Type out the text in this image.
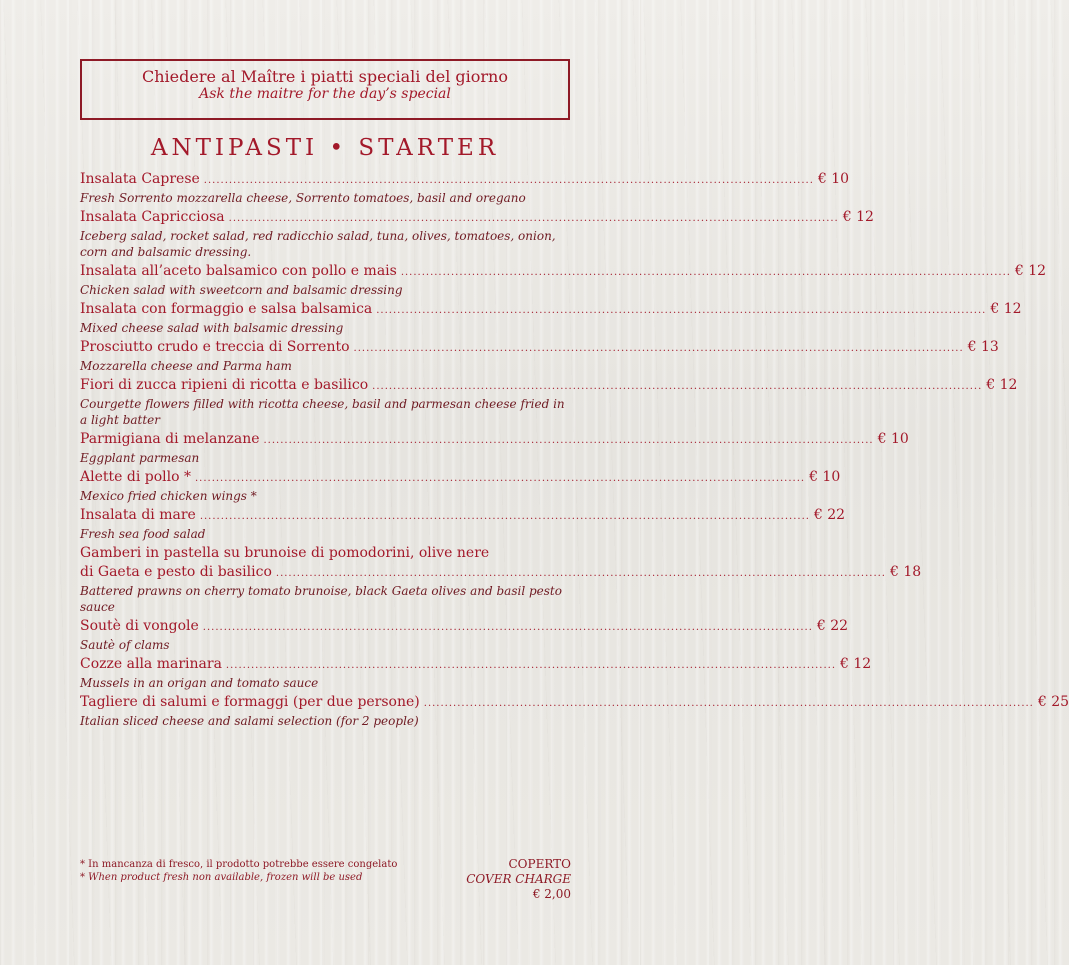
Chiedere al Maître i piatti speciali del giorno
Ask the maitre for the day’s special
ANTIPASTI • STARTER
Insalata Caprese .................................................................................................................................................. € 10
Fresh Sorrento mozzarella cheese, Sorrento tomatoes, basil and oregano
Insalata Capricciosa .................................................................................................................................................. € 12
Iceberg salad, rocket salad, red radicchio salad, tuna, olives, tomatoes, onion, corn and balsamic dressing.
Insalata all’aceto balsamico con pollo e mais .................................................................................................................................................. € 12
Chicken salad with sweetcorn and balsamic dressing
Insalata con formaggio e salsa balsamica .................................................................................................................................................. € 12
Mixed cheese salad with balsamic dressing
Prosciutto crudo e treccia di Sorrento .................................................................................................................................................. € 13
Mozzarella cheese and Parma ham
Fiori di zucca ripieni di ricotta e basilico .................................................................................................................................................. € 12
Courgette flowers filled with ricotta cheese, basil and parmesan cheese fried in a light batter
Parmigiana di melanzane .................................................................................................................................................. € 10
Eggplant parmesan
Alette di pollo * .................................................................................................................................................. € 10
Mexico fried chicken wings *
Insalata di mare .................................................................................................................................................. € 22
Fresh sea food salad
Gamberi in pastella su brunoise di pomodorini, olive nere
di Gaeta e pesto di basilico .................................................................................................................................................. € 18
Battered prawns on cherry tomato brunoise, black Gaeta olives and basil pesto sauce
Soutè di vongole .................................................................................................................................................. € 22
Sautè of clams
Cozze alla marinara .................................................................................................................................................. € 12
Mussels in an origan and tomato sauce
Tagliere di salumi e formaggi (per due persone) .................................................................................................................................................. € 25
Italian sliced cheese and salami selection (for 2 people)
* In mancanza di fresco, il prodotto potrebbe essere congelato
* When product fresh non available, frozen will be used
COPERTO
COVER CHARGE
€ 2,00
